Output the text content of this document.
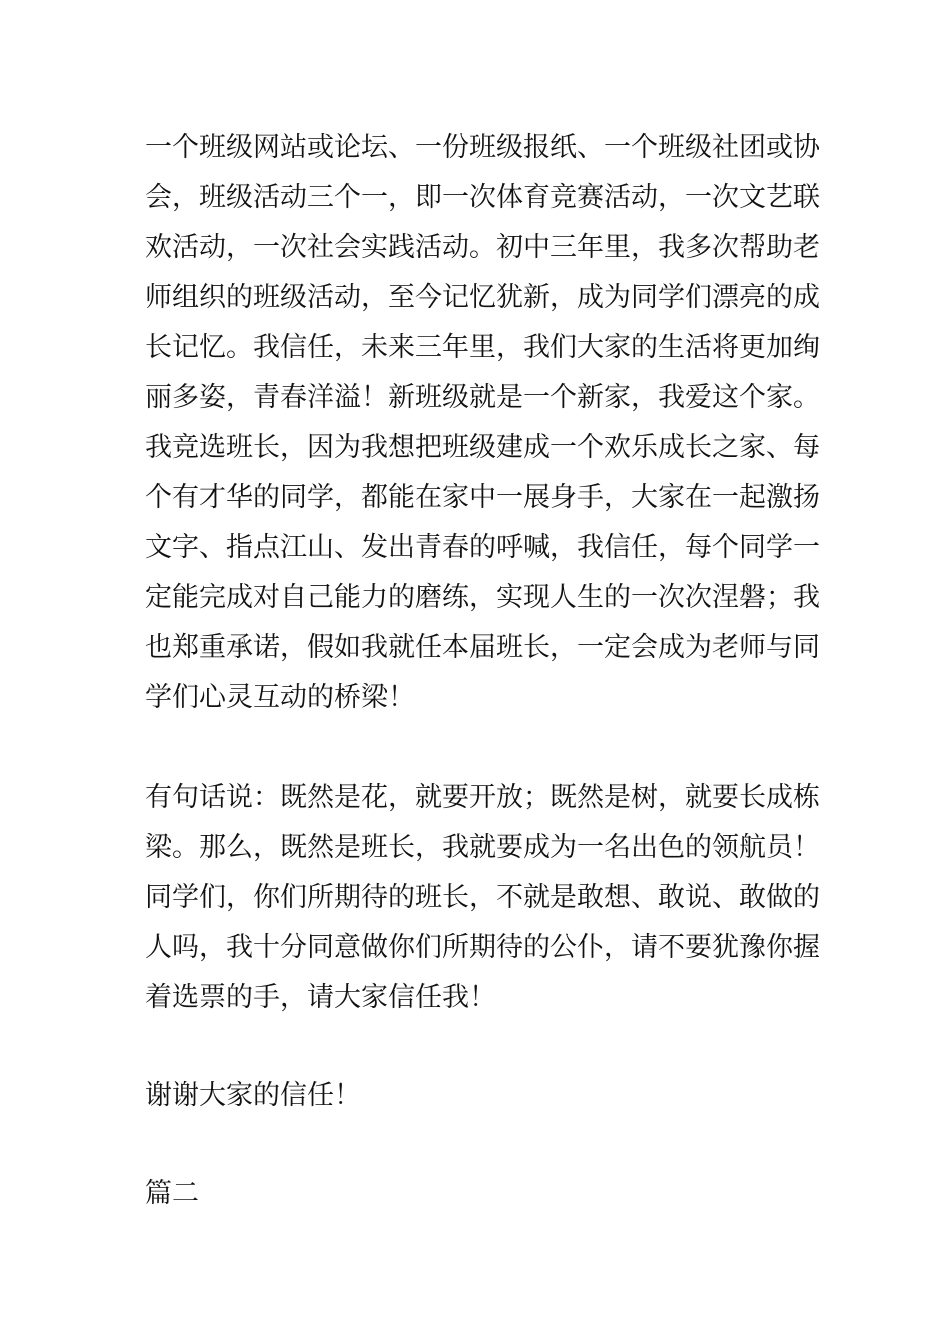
一个班级网站或论坛、一份班级报纸、一个班级社团或协

会，班级活动三个一，即一次体育竞赛活动，一次文艺联

欢活动，一次社会实践活动。初中三年里，我多次帮助老

师组织的班级活动，至今记忆犹新，成为同学们漂亮的成

长记忆。我信任，未来三年里，我们大家的生活将更加绚

丽多姿，青春洋溢！新班级就是一个新家，我爱这个家。

我竞选班长，因为我想把班级建成一个欢乐成长之家、每

个有才华的同学，都能在家中一展身手，大家在一起激扬

文字、指点江山、发出青春的呼喊，我信任，每个同学一

定能完成对自己能力的磨练，实现人生的一次次涅磐；我

也郑重承诺，假如我就任本届班长，一定会成为老师与同

学们心灵互动的桥梁！

有句话说：既然是花，就要开放；既然是树，就要长成栋

梁。那么，既然是班长，我就要成为一名出色的领航员！

同学们，你们所期待的班长，不就是敢想、敢说、敢做的

人吗，我十分同意做你们所期待的公仆，请不要犹豫你握

着选票的手，请大家信任我！

谢谢大家的信任！

篇二
